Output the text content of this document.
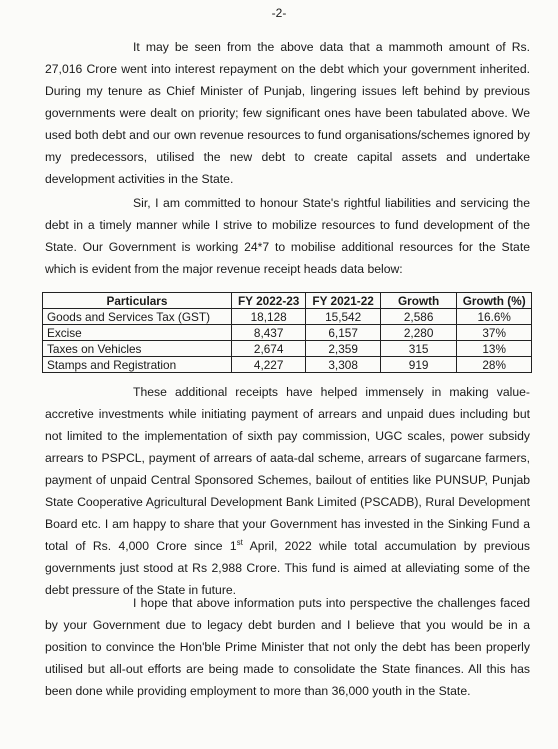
-2-

It may be seen from the above data that a mammoth amount of Rs. 27,016 Crore went into interest repayment on the debt which your government inherited. During my tenure as Chief Minister of Punjab, lingering issues left behind by previous governments were dealt on priority; few significant ones have been tabulated above. We used both debt and our own revenue resources to fund organisations/schemes ignored by my predecessors, utilised the new debt to create capital assets and undertake development activities in the State.

Sir, I am committed to honour State's rightful liabilities and servicing the debt in a timely manner while I strive to mobilize resources to fund development of the State. Our Government is working 24*7 to mobilise additional resources for the State which is evident from the major revenue receipt heads data below:

Particulars	FY 2022-23	FY 2021-22	Growth	Growth (%)
Goods and Services Tax (GST)	18,128	15,542	2,586	16.6%
Excise	8,437	6,157	2,280	37%
Taxes on Vehicles	2,674	2,359	315	13%
Stamps and Registration	4,227	3,308	919	28%

These additional receipts have helped immensely in making value-accretive investments while initiating payment of arrears and unpaid dues including but not limited to the implementation of sixth pay commission, UGC scales, power subsidy arrears to PSPCL, payment of arrears of aata-dal scheme, arrears of sugarcane farmers, payment of unpaid Central Sponsored Schemes, bailout of entities like PUNSUP, Punjab State Cooperative Agricultural Development Bank Limited (PSCADB), Rural Development Board etc. I am happy to share that your Government has invested in the Sinking Fund a total of Rs. 4,000 Crore since 1st April, 2022 while total accumulation by previous governments just stood at Rs 2,988 Crore. This fund is aimed at alleviating some of the debt pressure of the State in future.

I hope that above information puts into perspective the challenges faced by your Government due to legacy debt burden and I believe that you would be in a position to convince the Hon'ble Prime Minister that not only the debt has been properly utilised but all-out efforts are being made to consolidate the State finances. All this has been done while providing employment to more than 36,000 youth in the State.
